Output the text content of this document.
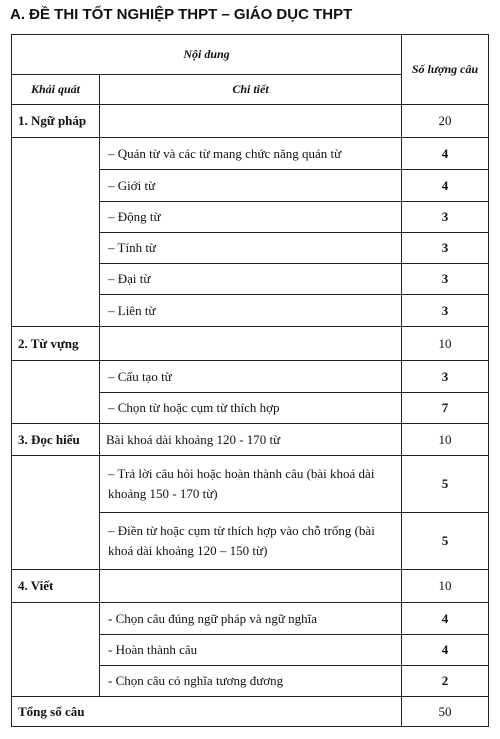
A. ĐỀ THI TỐT NGHIỆP THPT – GIÁO DỤC THPT
Nội dung		Số lượng câu
Khái quát	Chi tiết	
1. Ngữ pháp		20
	– Quán từ và các từ mang chức năng quán từ	4
	– Giới từ	4
	– Động từ	3
	– Tính từ	3
	– Đại từ	3
	– Liên từ	3
2. Từ vựng		10
	– Cấu tạo từ	3
	– Chọn từ hoặc cụm từ thích hợp	7
3. Đọc hiểu	Bài khoá dài khoảng 120 - 170 từ	10
	– Trả lời câu hỏi hoặc hoàn thành câu (bài khoá dài khoảng 150 - 170 từ)	5
	– Điền từ hoặc cụm từ thích hợp vào chỗ trống (bài khoá dài khoảng 120 – 150 từ)	5
4. Viết		10
	- Chọn câu đúng ngữ pháp và ngữ nghĩa	4
	- Hoàn thành câu	4
	- Chọn câu có nghĩa tương đương	2
Tổng số câu		50
